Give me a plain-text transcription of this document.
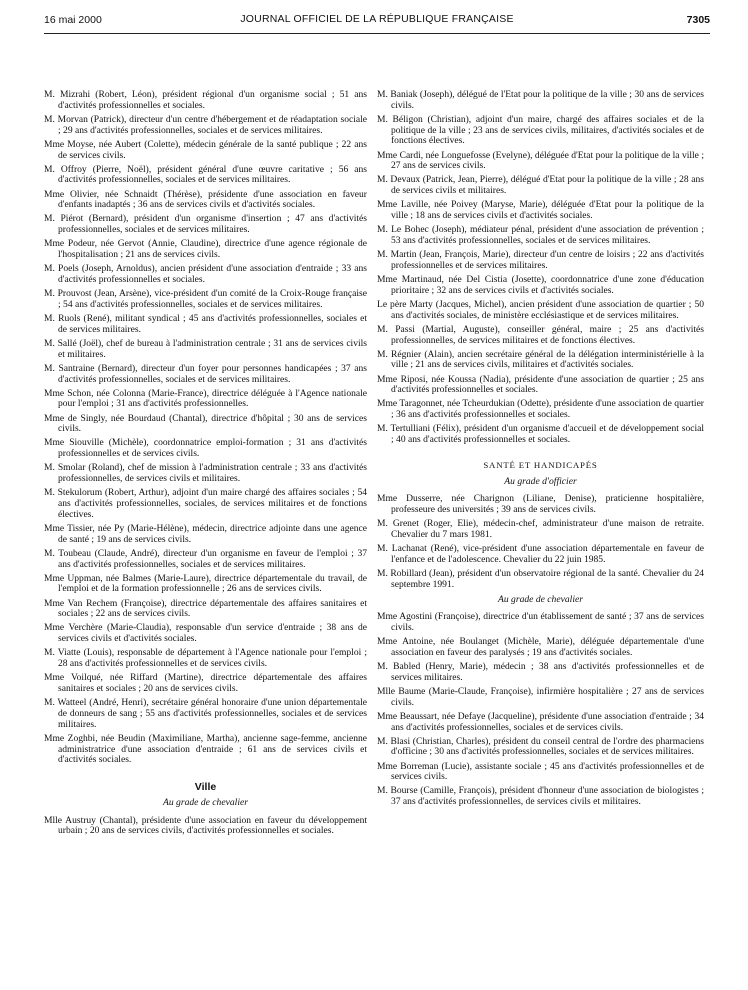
16 mai 2000	JOURNAL OFFICIEL DE LA RÉPUBLIQUE FRANÇAISE	7305

M. Mizrahi (Robert, Léon), président régional d'un organisme social ; 51 ans d'activités professionnelles et sociales.

M. Morvan (Patrick), directeur d'un centre d'hébergement et de réadaptation sociale ; 29 ans d'activités professionnelles, sociales et de services militaires.

Mme Moyse, née Aubert (Colette), médecin générale de la santé publique ; 22 ans de services civils.

M. Offroy (Pierre, Noël), président général d'une œuvre caritative ; 56 ans d'activités professionnelles, sociales et de services militaires.

Mme Olivier, née Schnaidt (Thérèse), présidente d'une association en faveur d'enfants inadaptés ; 36 ans de services civils et d'activités sociales.

M. Piérot (Bernard), président d'un organisme d'insertion ; 47 ans d'activités professionnelles, sociales et de services militaires.

Mme Podeur, née Gervot (Annie, Claudine), directrice d'une agence régionale de l'hospitalisation ; 21 ans de services civils.

M. Poels (Joseph, Arnoldus), ancien président d'une association d'entraide ; 33 ans d'activités professionnelles et sociales.

M. Prouvost (Jean, Arsène), vice-président d'un comité de la Croix-Rouge française ; 54 ans d'activités professionnelles, sociales et de services militaires.

M. Ruols (René), militant syndical ; 45 ans d'activités professionnelles, sociales et de services militaires.

M. Sallé (Joël), chef de bureau à l'administration centrale ; 31 ans de services civils et militaires.

M. Santraine (Bernard), directeur d'un foyer pour personnes handicapées ; 37 ans d'activités professionnelles, sociales et de services militaires.

Mme Schon, née Colonna (Marie-France), directrice déléguée à l'Agence nationale pour l'emploi ; 31 ans d'activités professionnelles.

Mme de Singly, née Bourdaud (Chantal), directrice d'hôpital ; 30 ans de services civils.

Mme Siouville (Michèle), coordonnatrice emploi-formation ; 31 ans d'activités professionnelles et de services civils.

M. Smolar (Roland), chef de mission à l'administration centrale ; 33 ans d'activités professionnelles, de services civils et militaires.

M. Stekulorum (Robert, Arthur), adjoint d'un maire chargé des affaires sociales ; 54 ans d'activités professionnelles, sociales, de services militaires et de fonctions électives.

Mme Tissier, née Py (Marie-Hélène), médecin, directrice adjointe dans une agence de santé ; 19 ans de services civils.

M. Toubeau (Claude, André), directeur d'un organisme en faveur de l'emploi ; 37 ans d'activités professionnelles, sociales et de services militaires.

Mme Uppman, née Balmes (Marie-Laure), directrice départementale du travail, de l'emploi et de la formation professionnelle ; 26 ans de services civils.

Mme Van Rechem (Françoise), directrice départementale des affaires sanitaires et sociales ; 22 ans de services civils.

Mme Verchère (Marie-Claudia), responsable d'un service d'entraide ; 38 ans de services civils et d'activités sociales.

M. Viatte (Louis), responsable de département à l'Agence nationale pour l'emploi ; 28 ans d'activités professionnelles et de services civils.

Mme Voilqué, née Riffard (Martine), directrice départementale des affaires sanitaires et sociales ; 20 ans de services civils.

M. Watteel (André, Henri), secrétaire général honoraire d'une union départementale de donneurs de sang ; 55 ans d'activités professionnelles, sociales et de services militaires.

Mme Zoghbi, née Beudin (Maximiliane, Martha), ancienne sage-femme, ancienne administratrice d'une association d'entraide ; 61 ans de services civils et d'activités sociales.

Ville
Au grade de chevalier

Mlle Austruy (Chantal), présidente d'une association en faveur du développement urbain ; 20 ans de services civils, d'activités professionnelles et sociales.

M. Baniak (Joseph), délégué de l'Etat pour la politique de la ville ; 30 ans de services civils.

M. Béligon (Christian), adjoint d'un maire, chargé des affaires sociales et de la politique de la ville ; 23 ans de services civils, militaires, d'activités sociales et de fonctions électives.

Mme Cardi, née Longuefosse (Evelyne), déléguée d'Etat pour la politique de la ville ; 27 ans de services civils.

M. Devaux (Patrick, Jean, Pierre), délégué d'Etat pour la politique de la ville ; 28 ans de services civils et militaires.

Mme Laville, née Poivey (Maryse, Marie), déléguée d'Etat pour la politique de la ville ; 18 ans de services civils et d'activités sociales.

M. Le Bohec (Joseph), médiateur pénal, président d'une association de prévention ; 53 ans d'activités professionnelles, sociales et de services militaires.

M. Martin (Jean, François, Marie), directeur d'un centre de loisirs ; 22 ans d'activités professionnelles et de services militaires.

Mme Martinaud, née Del Cistia (Josette), coordonnatrice d'une zone d'éducation prioritaire ; 32 ans de services civils et d'activités sociales.

Le père Marty (Jacques, Michel), ancien président d'une association de quartier ; 50 ans d'activités sociales, de ministère ecclésiastique et de services militaires.

M. Passi (Martial, Auguste), conseiller général, maire ; 25 ans d'activités professionnelles, de services militaires et de fonctions électives.

M. Régnier (Alain), ancien secrétaire général de la délégation interministérielle à la ville ; 21 ans de services civils, militaires et d'activités sociales.

Mme Riposi, née Koussa (Nadia), présidente d'une association de quartier ; 25 ans d'activités professionnelles et sociales.

Mme Taragonnet, née Tcheurdukian (Odette), présidente d'une association de quartier ; 36 ans d'activités professionnelles et sociales.

M. Tertulliani (Félix), président d'un organisme d'accueil et de développement social ; 40 ans d'activités professionnelles et sociales.

SANTÉ ET HANDICAPÉS
Au grade d'officier

Mme Dusserre, née Charignon (Liliane, Denise), praticienne hospitalière, professeure des universités ; 39 ans de services civils.

M. Grenet (Roger, Elie), médecin-chef, administrateur d'une maison de retraite. Chevalier du 7 mars 1981.

M. Lachanat (René), vice-président d'une association départementale en faveur de l'enfance et de l'adolescence. Chevalier du 22 juin 1985.

M. Robillard (Jean), président d'un observatoire régional de la santé. Chevalier du 24 septembre 1991.

Au grade de chevalier

Mme Agostini (Françoise), directrice d'un établissement de santé ; 37 ans de services civils.

Mme Antoine, née Boulanget (Michèle, Marie), déléguée départementale d'une association en faveur des paralysés ; 19 ans d'activités sociales.

M. Babled (Henry, Marie), médecin ; 38 ans d'activités professionnelles et de services militaires.

Mlle Baume (Marie-Claude, Françoise), infirmière hospitalière ; 27 ans de services civils.

Mme Beaussart, née Defaye (Jacqueline), présidente d'une association d'entraide ; 34 ans d'activités professionnelles, sociales et de services civils.

M. Blasi (Christian, Charles), président du conseil central de l'ordre des pharmaciens d'officine ; 30 ans d'activités professionnelles, sociales et de services militaires.

Mme Borreman (Lucie), assistante sociale ; 45 ans d'activités professionnelles et de services civils.

M. Bourse (Camille, François), président d'honneur d'une association de biologistes ; 37 ans d'activités professionnelles, de services civils et militaires.
